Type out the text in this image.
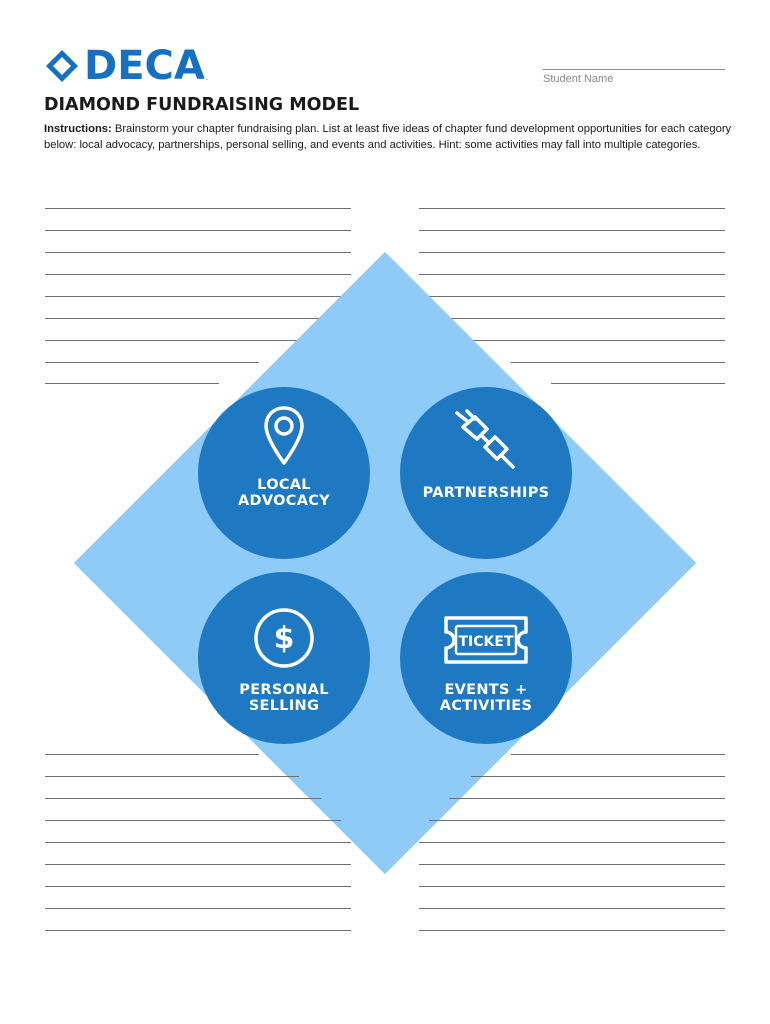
DECA .	Student Name
DIAMOND FUNDRAISING MODEL
Instructions: Brainstorm your chapter fundraising plan. List at least five ideas of chapter fund development opportunities for each category below: local advocacy, partnerships, personal selling, and events and activities. Hint: some activities may fall into multiple categories.
LOCAL
ADVOCACY	PARTNERSHIPS
$
PERSONAL
SELLING
TICKET
EVENTS +
ACTIVITIES
